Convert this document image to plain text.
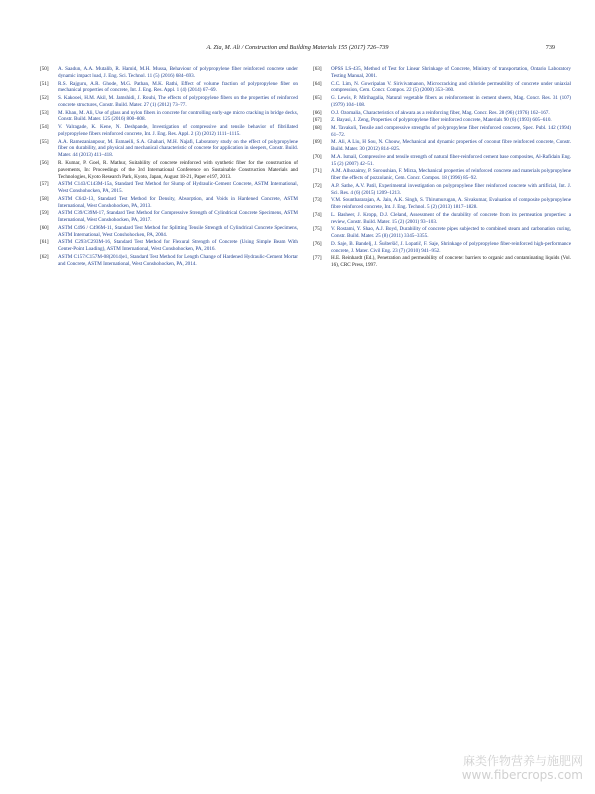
A. Zia, M. Ali / Construction and Building Materials 155 (2017) 726–739	739
[50] A. Saadun, A.A. Mutalib, R. Hamid, M.H. Mussa, Behaviour of polypropylene fiber reinforced concrete under dynamic impact load, J. Eng. Sci. Technol. 11 (5) (2016) 684–693.
[51] R.S. Rajguru, A.R. Ghode, M.G. Pathan, M.K. Rathi, Effect of volume fraction of polypropylene fiber on mechanical properties of concrete, Int. J. Eng. Res. Appl. 1 (4) (2014) 67–69.
[52] S. Kakooei, H.M. Akil, M. Jamshidi, J. Rouhi, The effects of polypropylene fibers on the properties of reinforced concrete structures, Constr. Build. Mater. 27 (1) (2012) 73–77.
[53] M. Khan, M. Ali, Use of glass and nylon fibers in concrete for controlling early-age micro cracking in bridge decks, Constr. Build. Mater. 125 (2016) 800–808.
[54] V. Valragade, K. Kene, N. Deshpande, Investigation of compressive and tensile behavior of fibrillated polypropylene fibers reinforced concrete, Int. J. Eng. Res. Appl. 2 (3) (2012) 1111–1115.
[55] A.A. Ramezanianpour, M. Esmaeili, S.A. Ghahari, M.H. Najafi, Laboratory study on the effect of polypropylene fiber on durability, and physical and mechanical characteristic of concrete for application in sleepers, Constr. Build. Mater. 44 (2013) 411–418.
[56] R. Kumar, P. Goel, R. Mathur, Suitability of concrete reinforced with synthetic fiber for the construction of pavements, In: Proceedings of the 3rd International Conference on Sustainable Construction Materials and Technologies, Kyoto Research Park, Kyoto, Japan, August 18-21, Paper e197, 2013.
[57] ASTM C143/C143M-15a, Standard Test Method for Slump of Hydraulic-Cement Concrete, ASTM International, West Conshohocken, PA, 2015.
[58] ASTM C642-13, Standard Test Method for Density, Absorption, and Voids in Hardened Concrete, ASTM International, West Conshohocken, PA, 2013.
[59] ASTM C39/C39M-17, Standard Test Method for Compressive Strength of Cylindrical Concrete Specimens, ASTM International, West Conshohocken, PA, 2017.
[60] ASTM C496 / C496M-11, Standard Test Method for Splitting Tensile Strength of Cylindrical Concrete Specimens, ASTM International, West Conshohocken, PA, 2004.
[61] ASTM C293/C293M-16, Standard Test Method for Flexural Strength of Concrete (Using Simple Beam With Center-Point Loading), ASTM International, West Conshohocken, PA, 2016.
[62] ASTM C157/C157M-08(2014)e1, Standard Test Method for Length Change of Hardened Hydraulic-Cement Mortar and Concrete, ASTM International, West Conshohocken, PA, 2014.
[63] OPSS LS-435, Method of Test for Linear Shrinkage of Concrete, Ministry of transportation, Ontario Laboratory Testing Manual, 2001.
[64] C.C. Lim, N. Gowripalan V. Sirivivatnanon, Microcracking and chloride permeability of concrete under uniaxial compression, Cem. Concr. Compos. 22 (5) (2000) 353–360.
[65] G. Lewis, P. Mirihagalia, Natural vegetable fibers as reinforcement in cement sheets, Mag. Concr. Res. 31 (107) (1979) 104–108.
[66] O.J. Ozomalia, Characteristics of akwara as a reinforcing fiber, Mag. Concr. Res. 28 (96) (1976) 162–167.
[67] Z. Bayasi, J. Zeng, Properties of polypropylene fiber reinforced concrete, Materials 90 (6) (1993) 605–610.
[68] M. Tavakoli, Tensile and compressive strengths of polypropylene fiber reinforced concrete, Spec. Publ. 142 (1994) 61–72.
[69] M. Ali, A Liu, H Sou, N. Chouw, Mechanical and dynamic properties of coconut fibre reinforced concrete, Constr. Build. Mater. 30 (2012) 814–825.
[70] M.A. Ismail, Compressive and tensile strength of natural fiber-reinforced cement base composites, Al-Rafidain Eng. 15 (2) (2007) 42–51.
[71] A.M. Alhozaimy, P. Soroushian, F. Mirza, Mechanical properties of reinforced concrete and materials polypropylene fiber the effects of pozzolanic, Cem. Concr. Compos. 18 (1996) 85–92.
[72] A.P. Sathe, A.V. Patil, Experimental investigation on polypropylene fiber reinforced concrete with artificial, Int. J. Sci. Res. 4 (6) (2015) 1209–1213.
[73] V.M. Sounthararajan, A. Jain, A.K. Singh, S. Thirumurugan, A. Sivakumar, Evaluation of composite polypropylene fibre reinforced concrete, Int. J. Eng. Technol. 5 (2) (2013) 1817–1828.
[74] L. Basheer, J. Kropp, D.J. Cleland, Assessment of the durability of concrete from its permeation properties: a review, Constr. Build. Mater. 15 (2) (2001) 93–103.
[75] V. Rostami, Y. Shao, A.J. Boyd, Durability of concrete pipes subjected to combined steam and carbonation curing, Constr. Build. Mater. 25 (8) (2011) 3345–3355.
[76] D. Saje, B. Bandelj, J. Šušteršič, J. Lopatič, F. Saje, Shrinkage of polypropylene fiber-reinforced high-performance concrete, J. Mater. Civil Eng. 23 (7) (2010) 941–952.
[77] H.E. Reinhardt (Ed.), Penetration and permeability of concrete: barriers to organic and contaminating liquids (Vol. 16), CRC Press, 1997.
麻类作物营养与施肥网
www.fibercrops.com
